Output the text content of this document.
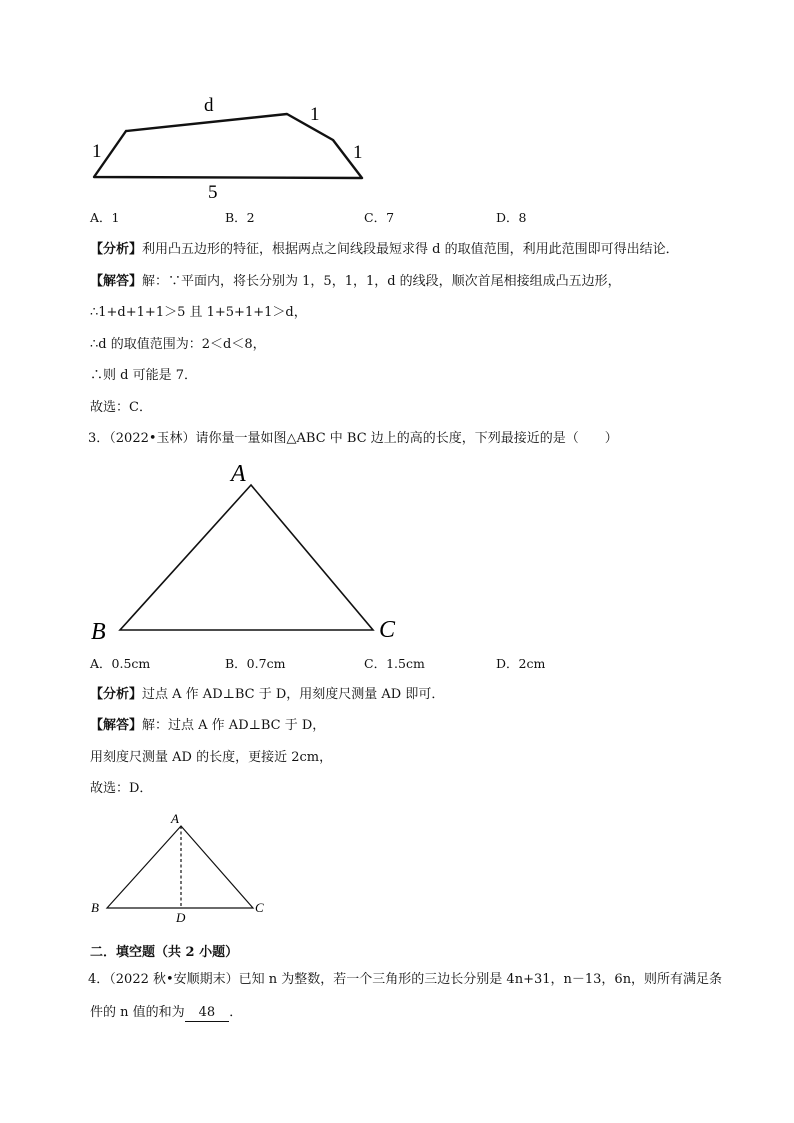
d	1
1	1
5
A．1	B．2	C．7	D．8
【分析】利用凸五边形的特征，根据两点之间线段最短求得 d 的取值范围，利用此范围即可得出结论．
【解答】解：∵平面内，将长分别为 1，5，1，1，d 的线段，顺次首尾相接组成凸五边形，
∴1+d+1+1＞5 且 1+5+1+1＞d，
∴d 的取值范围为：2＜d＜8，
∴则 d 可能是 7．
故选：C．
3．（2022•玉林）请你量一量如图△ABC 中 BC 边上的高的长度，下列最接近的是（　　）
A
B	C
A．0.5cm	B．0.7cm	C．1.5cm	D．2cm
【分析】过点 A 作 AD⊥BC 于 D，用刻度尺测量 AD 即可．
【解答】解：过点 A 作 AD⊥BC 于 D，
用刻度尺测量 AD 的长度，更接近 2cm，
故选：D．
A
B	C
D
二．填空题（共 2 小题）
4．（2022 秋•安顺期末）已知 n 为整数，若一个三角形的三边长分别是 4n+31，n－13，6n，则所有满足条
件的 n 值的和为 48 ．
